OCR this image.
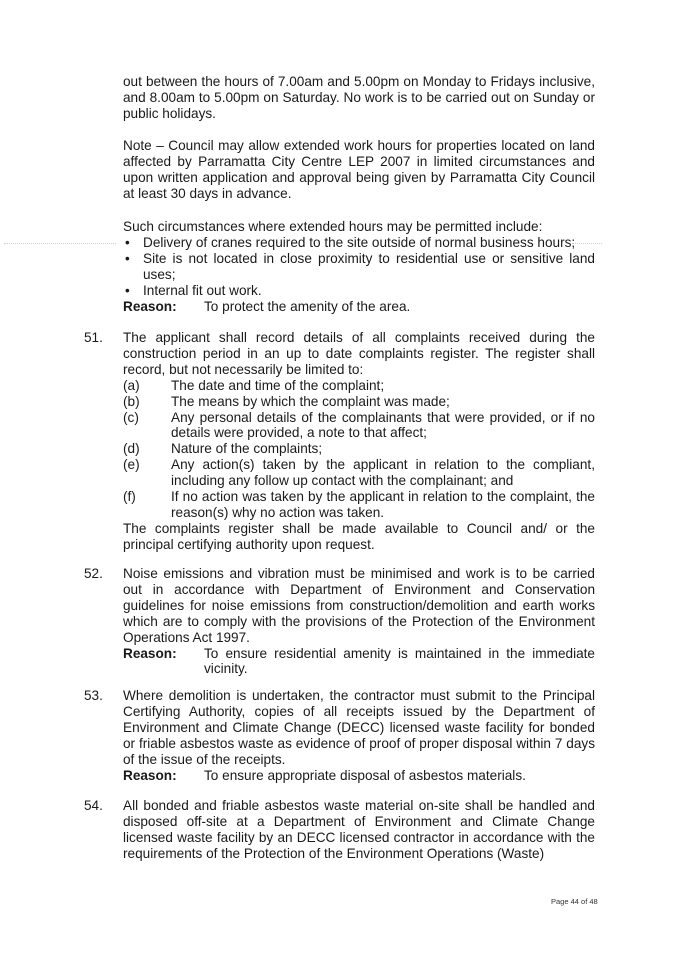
out between the hours of 7.00am and 5.00pm on Monday to Fridays inclusive, and 8.00am to 5.00pm on Saturday. No work is to be carried out on Sunday or public holidays.

Note – Council may allow extended work hours for properties located on land affected by Parramatta City Centre LEP 2007 in limited circumstances and upon written application and approval being given by Parramatta City Council at least 30 days in advance.

Such circumstances where extended hours may be permitted include:

• Delivery of cranes required to the site outside of normal business hours;
• Site is not located in close proximity to residential use or sensitive land uses;
• Internal fit out work.
Reason: To protect the amenity of the area.
51. The applicant shall record details of all complaints received during the construction period in an up to date complaints register. The register shall record, but not necessarily be limited to:

(a) The date and time of the complaint;
(b) The means by which the complaint was made;
(c) Any personal details of the complainants that were provided, or if no details were provided, a note to that affect;
(d) Nature of the complaints;
(e) Any action(s) taken by the applicant in relation to the compliant, including any follow up contact with the complainant; and
(f)	If no action was taken by the applicant in relation to the complaint, the reason(s) why no action was taken.

The complaints register shall be made available to Council and/ or the principal certifying authority upon request.

52. Noise emissions and vibration must be minimised and work is to be carried out in accordance with Department of Environment and Conservation guidelines for noise emissions from construction/demolition and earth works which are to comply with the provisions of the Protection of the Environment Operations Act 1997.

Reason: To ensure residential amenity is maintained in the immediate vicinity.
53. Where demolition is undertaken, the contractor must submit to the Principal Certifying Authority, copies of all receipts issued by the Department of Environment and Climate Change (DECC) licensed waste facility for bonded or friable asbestos waste as evidence of proof of proper disposal within 7 days of the issue of the receipts.

Reason: To ensure appropriate disposal of asbestos materials.
54. All bonded and friable asbestos waste material on-site shall be handled and disposed off-site at a Department of Environment and Climate Change licensed waste facility by an DECC licensed contractor in accordance with the requirements of the Protection of the Environment Operations (Waste)

Page 44 of 48
